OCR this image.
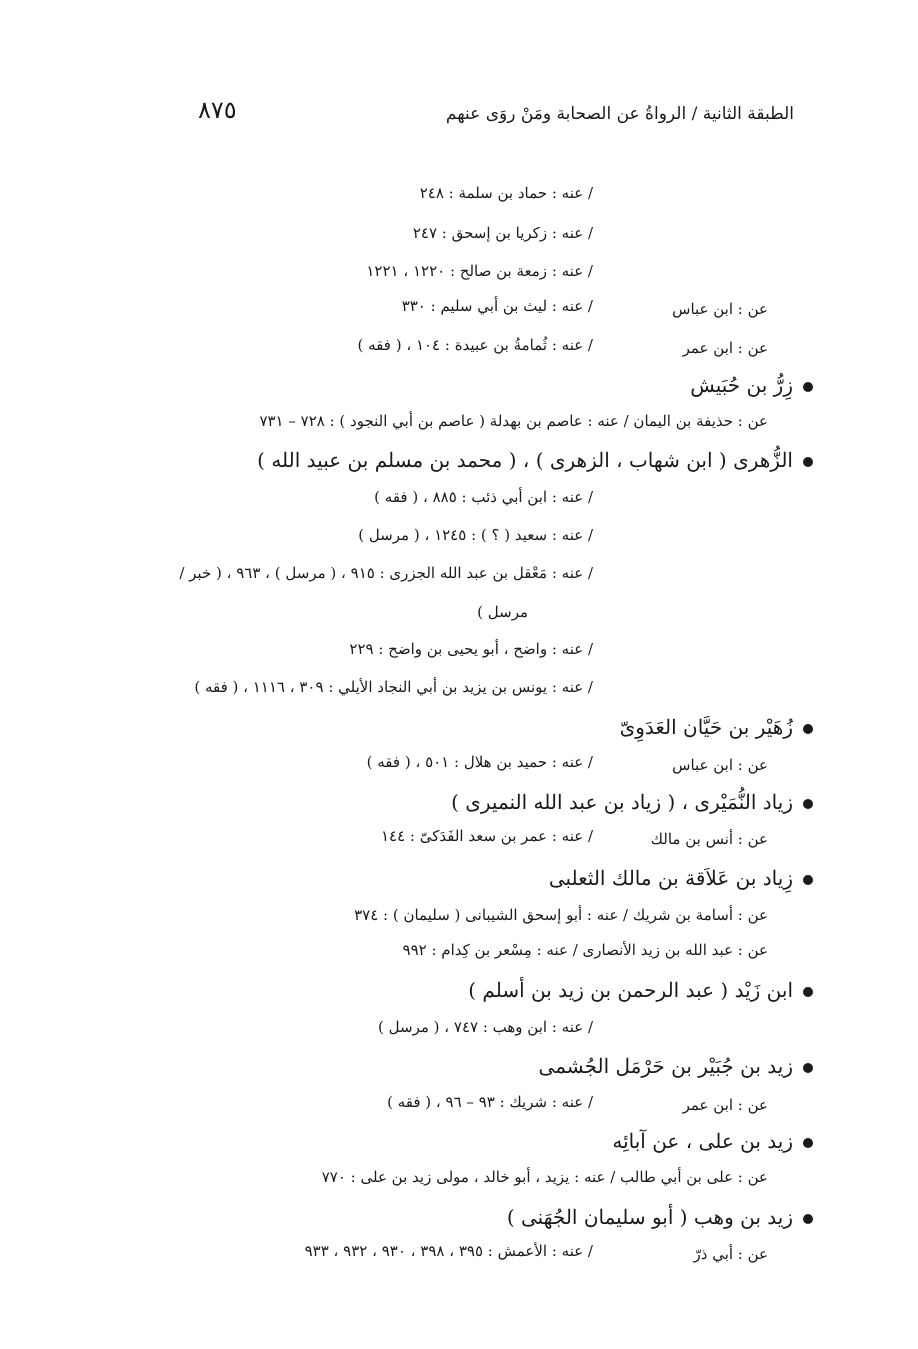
٨٧٥	الطبقة الثانية / الرواةُ عن الصحابة ومَنْ روَى عنهم
/ عنه : حماد بن سلمة : ٢٤٨
/ عنه : زكريا بن إسحق : ٢٤٧
/ عنه : زمعة بن صالح : ١٢٢٠ ، ١٢٢١
عن : ابن عباس
/ عنه : ليث بن أبي سليم : ٣٣٠
عن : ابن عمر
/ عنه : ثُمامةُ بن عبيدة : ١٠٤ ، ( فقه )
زِرُّ بن حُبَيش
عن : حذيفة بن اليمان / عنه : عاصم بن بهدلة ( عاصم بن أبي النجود ) : ٧٢٨ – ٧٣١
الزُّهرى ( ابن شهاب ، الزهرى ) ، ( محمد بن مسلم بن عبيد الله )
/ عنه : ابن أبي ذئب : ٨٨٥ ، ( فقه )
/ عنه : سعيد ( ؟ ) : ١٢٤٥ ، ( مرسل )
/ عنه : مَعْقل بن عبد الله الجزرى : ٩١٥ ، ( مرسل ) ، ٩٦٣ ، ( خبر /
مرسل )
/ عنه : واضح ، أبو يحيى بن واضح : ٢٢٩
/ عنه : يونس بن يزيد بن أبي النجاد الأيلي : ٣٠٩ ، ١١١٦ ، ( فقه )
زُهَيْر بن حَيَّان العَدَوِىّ
عن : ابن عباس
/ عنه : حميد بن هلال : ٥٠١ ، ( فقه )
زياد النُّمَيْرى ، ( زياد بن عبد الله النميرى )
عن : أنس بن مالك
/ عنه : عمر بن سعد الفَدَكىّ : ١٤٤
زِياد بن عَلاَقة بن مالك الثعلبى
عن : أسامة بن شريك / عنه : أبو إسحق الشيبانى ( سليمان ) : ٣٧٤
عن : عبد الله بن زيد الأنصارى / عنه : مِسْعر بن كِدام : ٩٩٢
ابن زَيْد ( عبد الرحمن بن زيد بن أسلم )
/ عنه : ابن وهب : ٧٤٧ ، ( مرسل )
زيد بن جُبَيْر بن حَرْمَل الجُشمى
عن : ابن عمر
/ عنه : شريك : ٩٣ – ٩٦ ، ( فقه )
زيد بن على ، عن آبائِه
عن : على بن أبي طالب / عنه : يزيد ، أبو خالد ، مولى زيد بن على : ٧٧٠
زيد بن وهب ( أبو سليمان الجُهَنى )
عن : أبي ذرّ
/ عنه : الأعمش : ٣٩٥ ، ٣٩٨ ، ٩٣٠ ، ٩٣٢ ، ٩٣٣
